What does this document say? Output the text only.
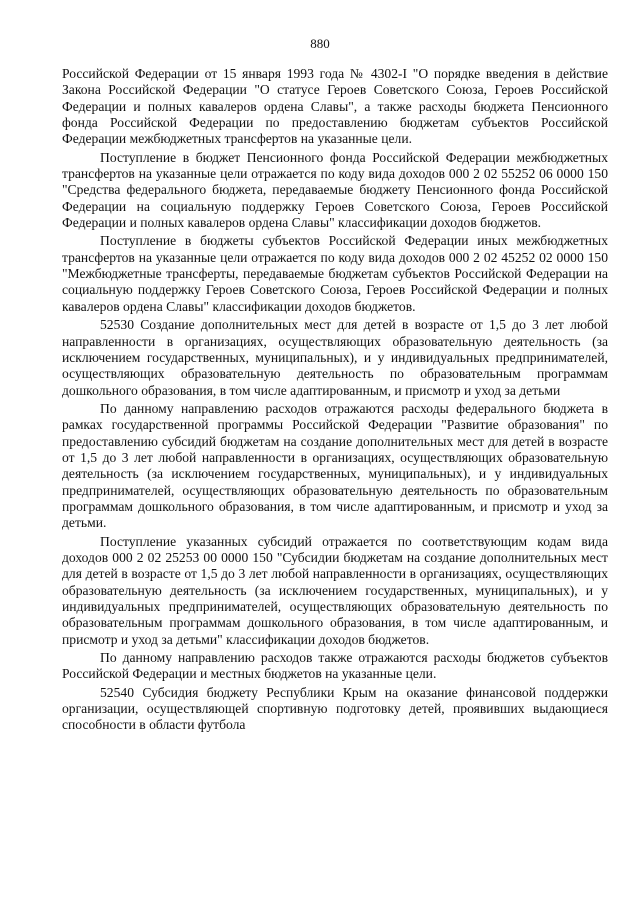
880

Российской Федерации от 15 января 1993 года № 4302-I "О порядке введения в действие Закона Российской Федерации "О статусе Героев Советского Союза, Героев Российской Федерации и полных кавалеров ордена Славы", а также расходы бюджета Пенсионного фонда Российской Федерации по предоставлению бюджетам субъектов Российской Федерации межбюджетных трансфертов на указанные цели.

Поступление в бюджет Пенсионного фонда Российской Федерации межбюджетных трансфертов на указанные цели отражается по коду вида доходов 000 2 02 55252 06 0000 150 "Средства федерального бюджета, передаваемые бюджету Пенсионного фонда Российской Федерации на социальную поддержку Героев Советского Союза, Героев Российской Федерации и полных кавалеров ордена Славы" классификации доходов бюджетов.

Поступление в бюджеты субъектов Российской Федерации иных межбюджетных трансфертов на указанные цели отражается по коду вида доходов 000 2 02 45252 02 0000 150 "Межбюджетные трансферты, передаваемые бюджетам субъектов Российской Федерации на социальную поддержку Героев Советского Союза, Героев Российской Федерации и полных кавалеров ордена Славы" классификации доходов бюджетов.

52530 Создание дополнительных мест для детей в возрасте от 1,5 до 3 лет любой направленности в организациях, осуществляющих образовательную деятельность (за исключением государственных, муниципальных), и у индивидуальных предпринимателей, осуществляющих образовательную деятельность по образовательным программам дошкольного образования, в том числе адаптированным, и присмотр и уход за детьми

По данному направлению расходов отражаются расходы федерального бюджета в рамках государственной программы Российской Федерации "Развитие образования" по предоставлению субсидий бюджетам на создание дополнительных мест для детей в возрасте от 1,5 до 3 лет любой направленности в организациях, осуществляющих образовательную деятельность (за исключением государственных, муниципальных), и у индивидуальных предпринимателей, осуществляющих образовательную деятельность по образовательным программам дошкольного образования, в том числе адаптированным, и присмотр и уход за детьми.

Поступление указанных субсидий отражается по соответствующим кодам вида доходов 000 2 02 25253 00 0000 150 "Субсидии бюджетам на создание дополнительных мест для детей в возрасте от 1,5 до 3 лет любой направленности в организациях, осуществляющих образовательную деятельность (за исключением государственных, муниципальных), и у индивидуальных предпринимателей, осуществляющих образовательную деятельность по образовательным программам дошкольного образования, в том числе адаптированным, и присмотр и уход за детьми" классификации доходов бюджетов.

По данному направлению расходов также отражаются расходы бюджетов субъектов Российской Федерации и местных бюджетов на указанные цели.

52540 Субсидия бюджету Республики Крым на оказание финансовой поддержки организации, осуществляющей спортивную подготовку детей, проявивших выдающиеся способности в области футбола
